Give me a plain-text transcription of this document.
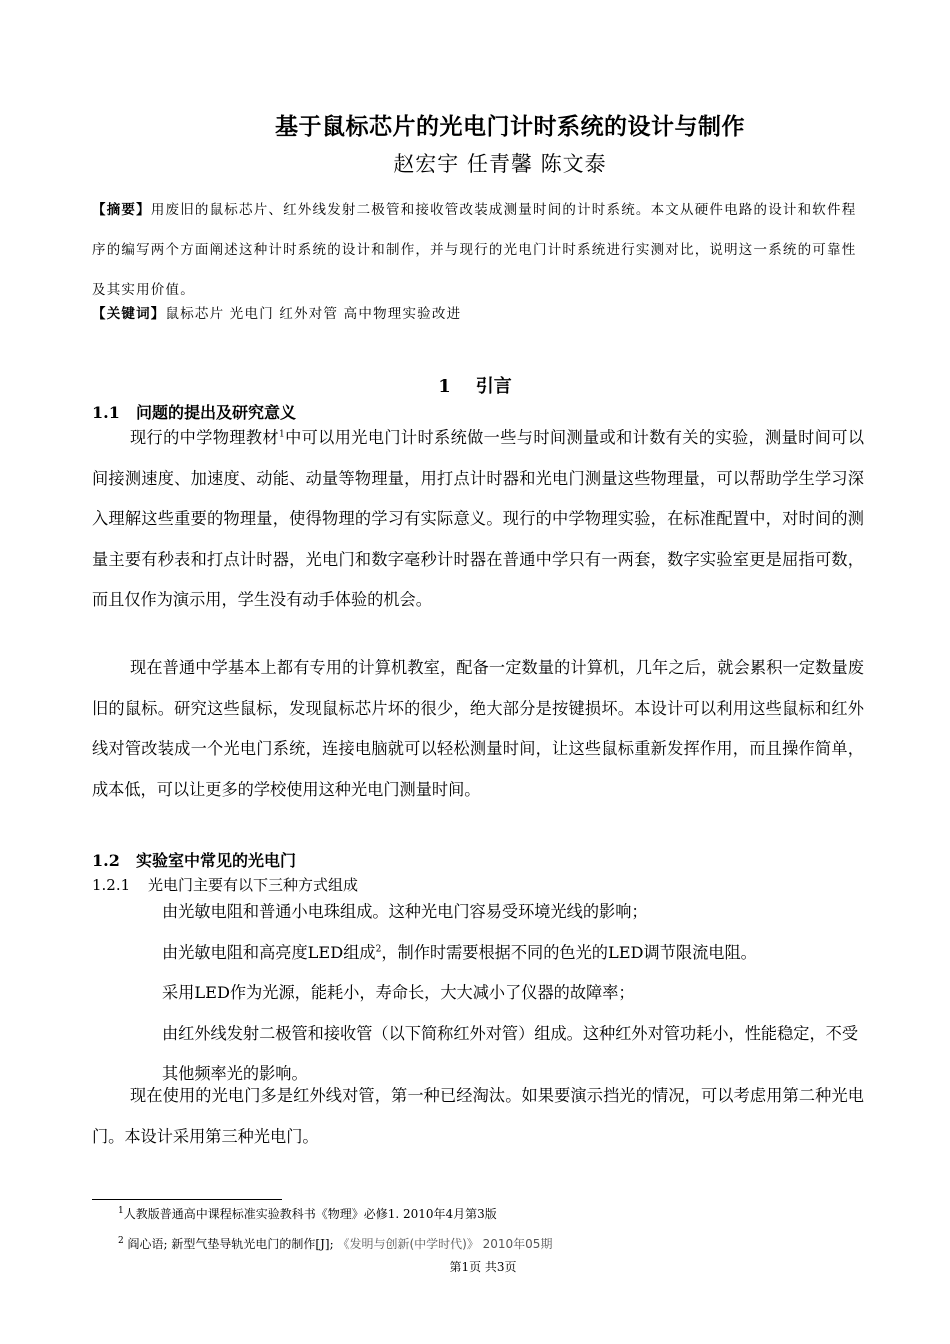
基于鼠标芯片的光电门计时系统的设计与制作
赵宏宇 任青馨 陈文泰
【摘要】用废旧的鼠标芯片、红外线发射二极管和接收管改装成测量时间的计时系统。本文从硬件电路的设计和软件程序的编写两个方面阐述这种计时系统的设计和制作，并与现行的光电门计时系统进行实测对比，说明这一系统的可靠性及其实用价值。
【关键词】鼠标芯片 光电门 红外对管 高中物理实验改进
1 引言
1.1 问题的提出及研究意义

现行的中学物理教材$^1$中可以用光电门计时系统做一些与时间测量或和计数有关的实验，测量时间可以间接测速度、加速度、动能、动量等物理量，用打点计时器和光电门测量这些物理量，可以帮助学生学习深入理解这些重要的物理量，使得物理的学习有实际意义。现行的中学物理实验，在标准配置中，对时间的测量主要有秒表和打点计时器，光电门和数字毫秒计时器在普通中学只有一两套，数字实验室更是屈指可数，而且仅作为演示用，学生没有动手体验的机会。

现在普通中学基本上都有专用的计算机教室，配备一定数量的计算机，几年之后，就会累积一定数量废旧的鼠标。研究这些鼠标，发现鼠标芯片坏的很少，绝大部分是按键损坏。本设计可以利用这些鼠标和红外线对管改装成一个光电门系统，连接电脑就可以轻松测量时间，让这些鼠标重新发挥作用，而且操作简单，成本低，可以让更多的学校使用这种光电门测量时间。

1.2 实验室中常见的光电门
1.2.1 光电门主要有以下三种方式组成
由光敏电阻和普通小电珠组成。这种光电门容易受环境光线的影响；
由光敏电阻和高亮度LED组成$^2$，制作时需要根据不同的色光的LED调节限流电阻。
采用LED作为光源，能耗小，寿命长，大大减小了仪器的故障率；
由红外线发射二极管和接收管（以下简称红外对管）组成。这种红外对管功耗小，性能稳定，不受其他频率光的影响。

现在使用的光电门多是红外线对管，第一种已经淘汰。如果要演示挡光的情况，可以考虑用第二种光电门。本设计采用第三种光电门。

$^1$人教版普通高中课程标准实验教科书《物理》必修1. 2010年4月第3版
$^2$ 阎心语; 新型气垫导轨光电门的制作[J]; 《发明与创新(中学时代)》 2010年05期
第1页 共3页
